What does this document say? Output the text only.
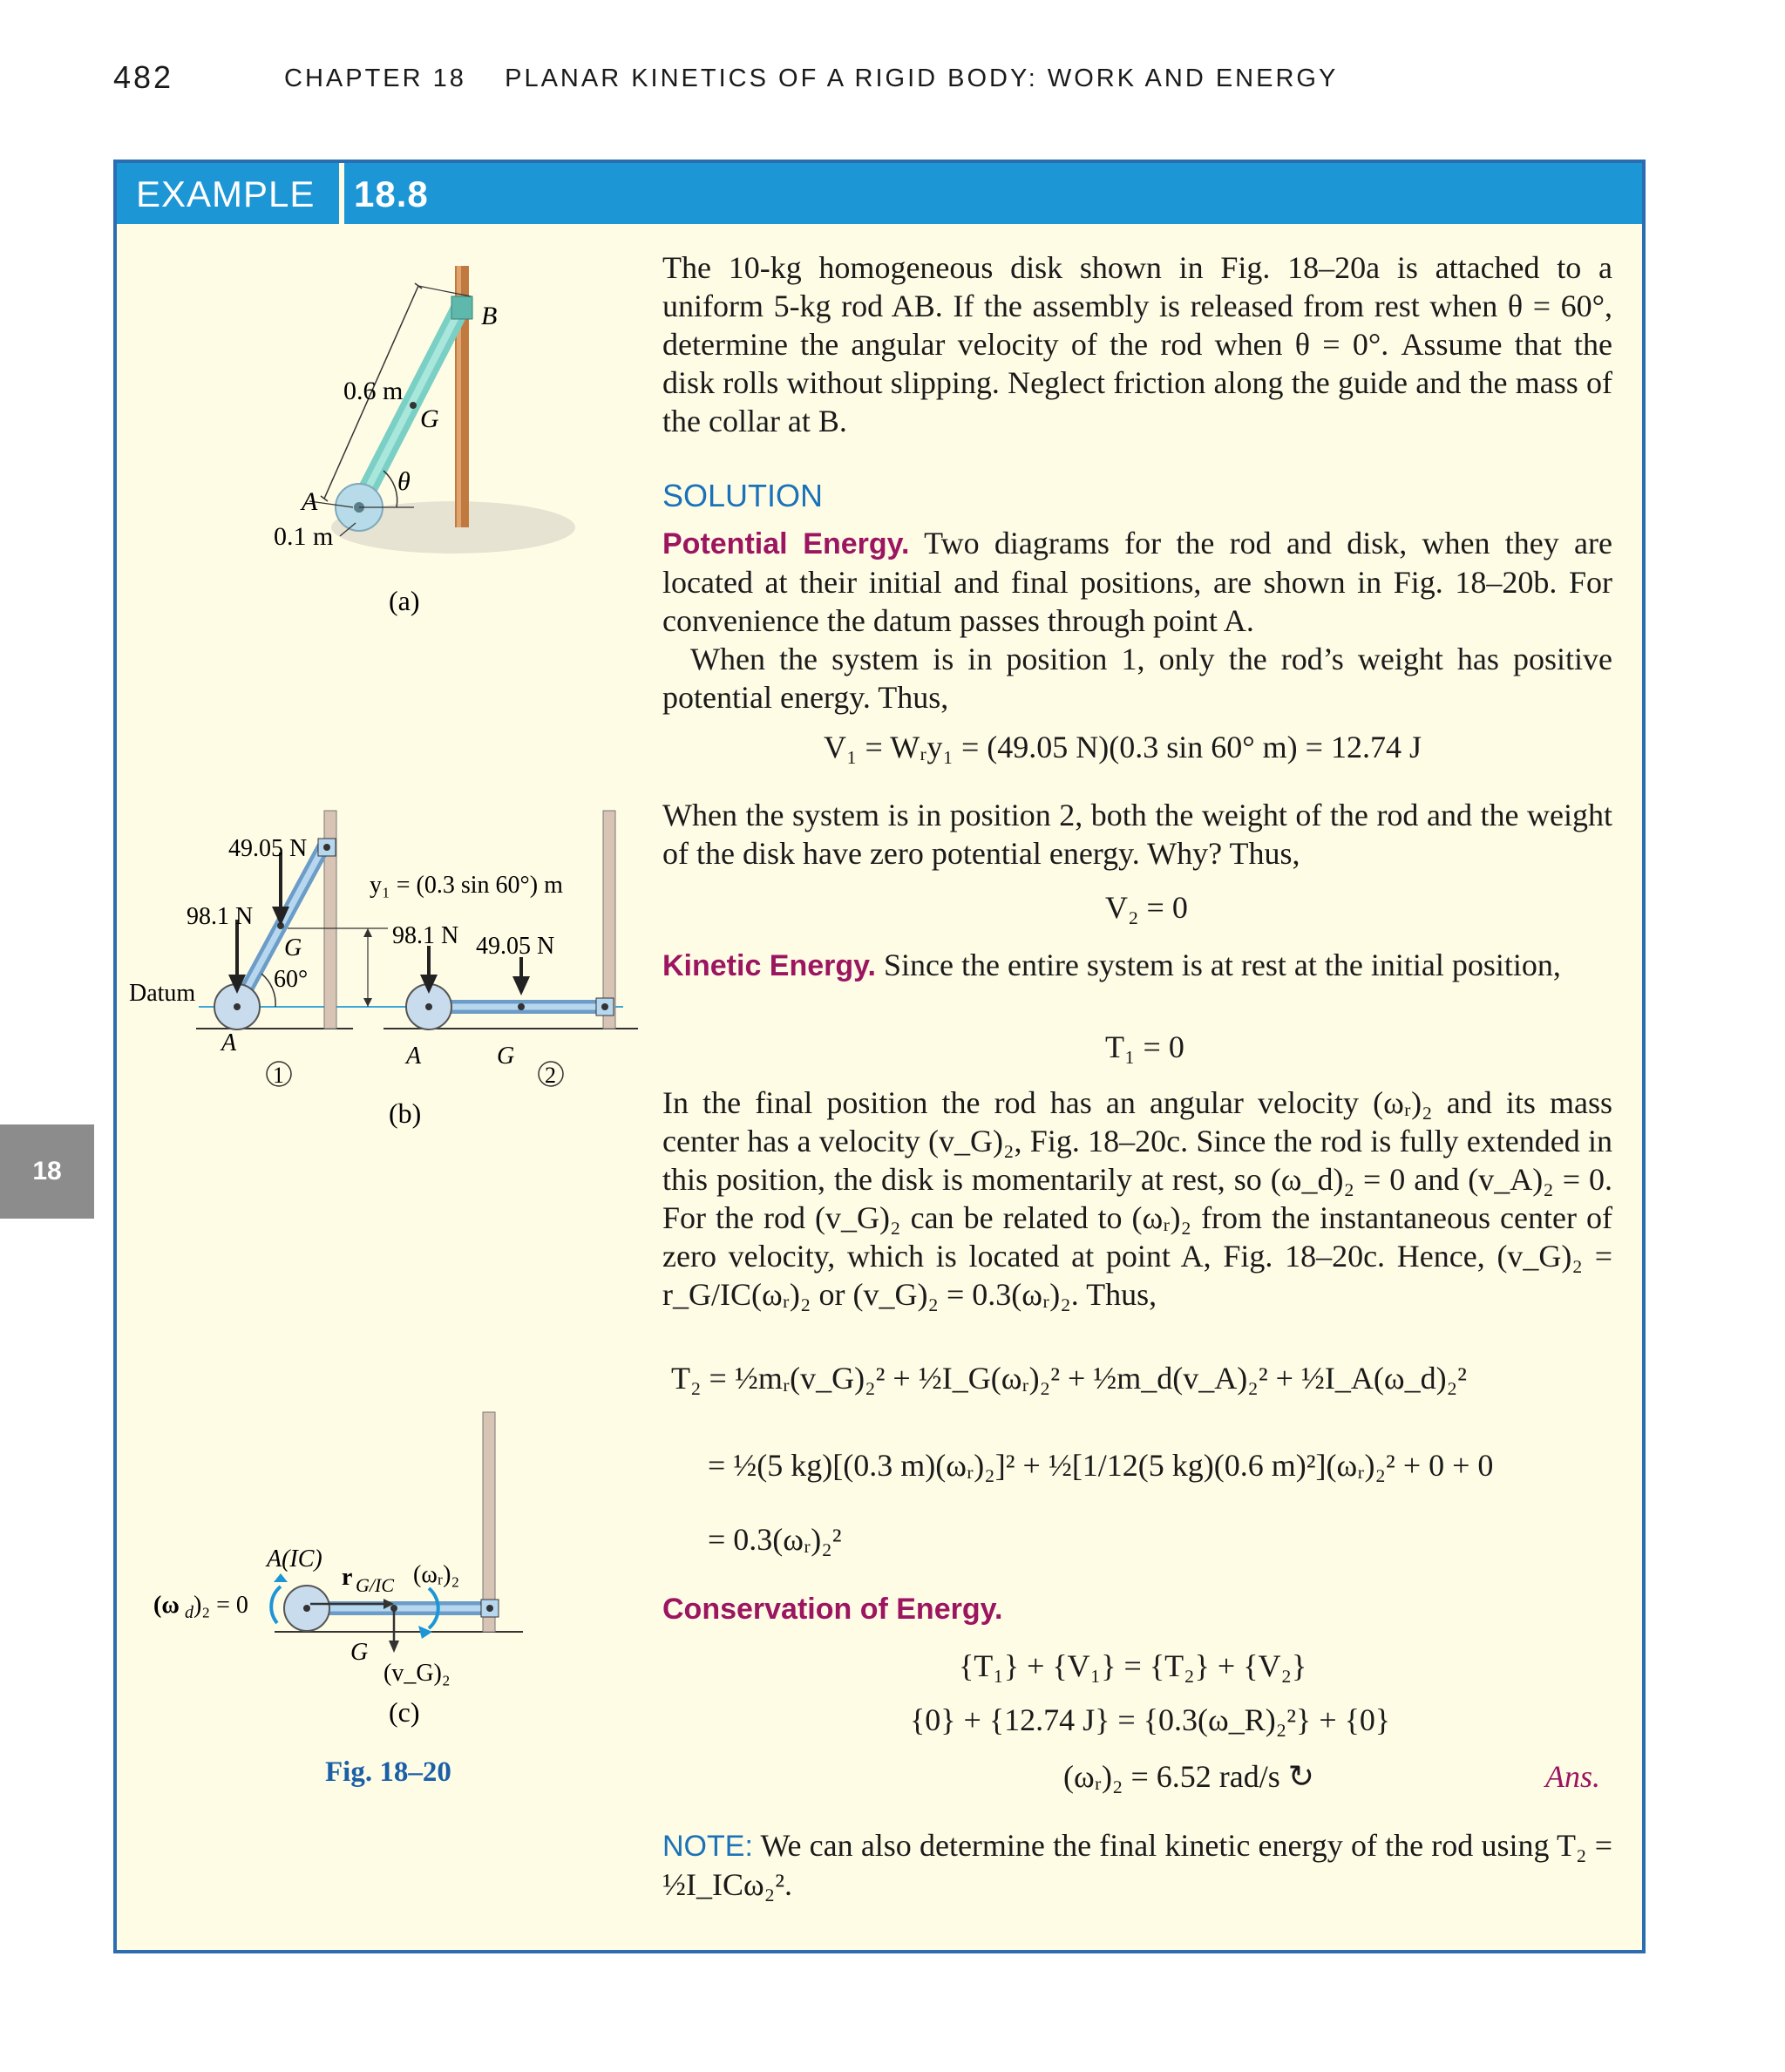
482	CHAPTER 18    PLANAR KINETICS OF A RIGID BODY: WORK AND ENERGY
18
EXAMPLE 18.8
B
0.6 m
G
θ
A
0.1 m
(a)
49.05 N
98.1 N
G
60°
Datum
A
1
y₁ = (0.3 sin 60°) m
98.1 N 49.05 N
A	G
2
(b)
A(IC)
r G/IC (ωᵣ)₂
(ω d )₂ = 0
G
(v_G)₂
(c)
Fig. 18–20

The 10-kg homogeneous disk shown in Fig. 18–20a is attached to a uniform 5-kg rod AB. If the assembly is released from rest when θ = 60°, determine the angular velocity of the rod when θ = 0°. Assume that the disk rolls without slipping. Neglect friction along the guide and the mass of the collar at B.

SOLUTION

Potential Energy. Two diagrams for the rod and disk, when they are located at their initial and final positions, are shown in Fig. 18–20b. For convenience the datum passes through point A.

When the system is in position 1, only the rod’s weight has positive potential energy. Thus,

V₁ = Wᵣy₁ = (49.05 N)(0.3 sin 60° m) = 12.74 J

When the system is in position 2, both the weight of the rod and the weight of the disk have zero potential energy. Why? Thus,

V₂ = 0

Kinetic Energy. Since the entire system is at rest at the initial position,

T₁ = 0

In the final position the rod has an angular velocity (ωᵣ)₂ and its mass center has a velocity (v_G)₂, Fig. 18–20c. Since the rod is fully extended in this position, the disk is momentarily at rest, so (ω_d)₂ = 0 and (v_A)₂ = 0. For the rod (v_G)₂ can be related to (ωᵣ)₂ from the instantaneous center of zero velocity, which is located at point A, Fig. 18–20c. Hence, (v_G)₂ = r_G/IC(ωᵣ)₂ or (v_G)₂ = 0.3(ωᵣ)₂. Thus,

T₂ = ½mᵣ(v_G)₂² + ½I_G(ωᵣ)₂² + ½m_d(v_A)₂² + ½I_A(ω_d)₂²
= ½(5 kg)[(0.3 m)(ωᵣ)₂]² + ½[1/12(5 kg)(0.6 m)²](ωᵣ)₂² + 0 + 0
= 0.3(ωᵣ)₂²
Conservation of Energy.
{T₁} + {V₁} = {T₂} + {V₂}
{0} + {12.74 J} = {0.3(ω_R)₂²} + {0}
(ωᵣ)₂ = 6.52 rad/s ↻	Ans.
NOTE: We can also determine the final kinetic energy of the rod using T₂ = ½I_ICω₂².
